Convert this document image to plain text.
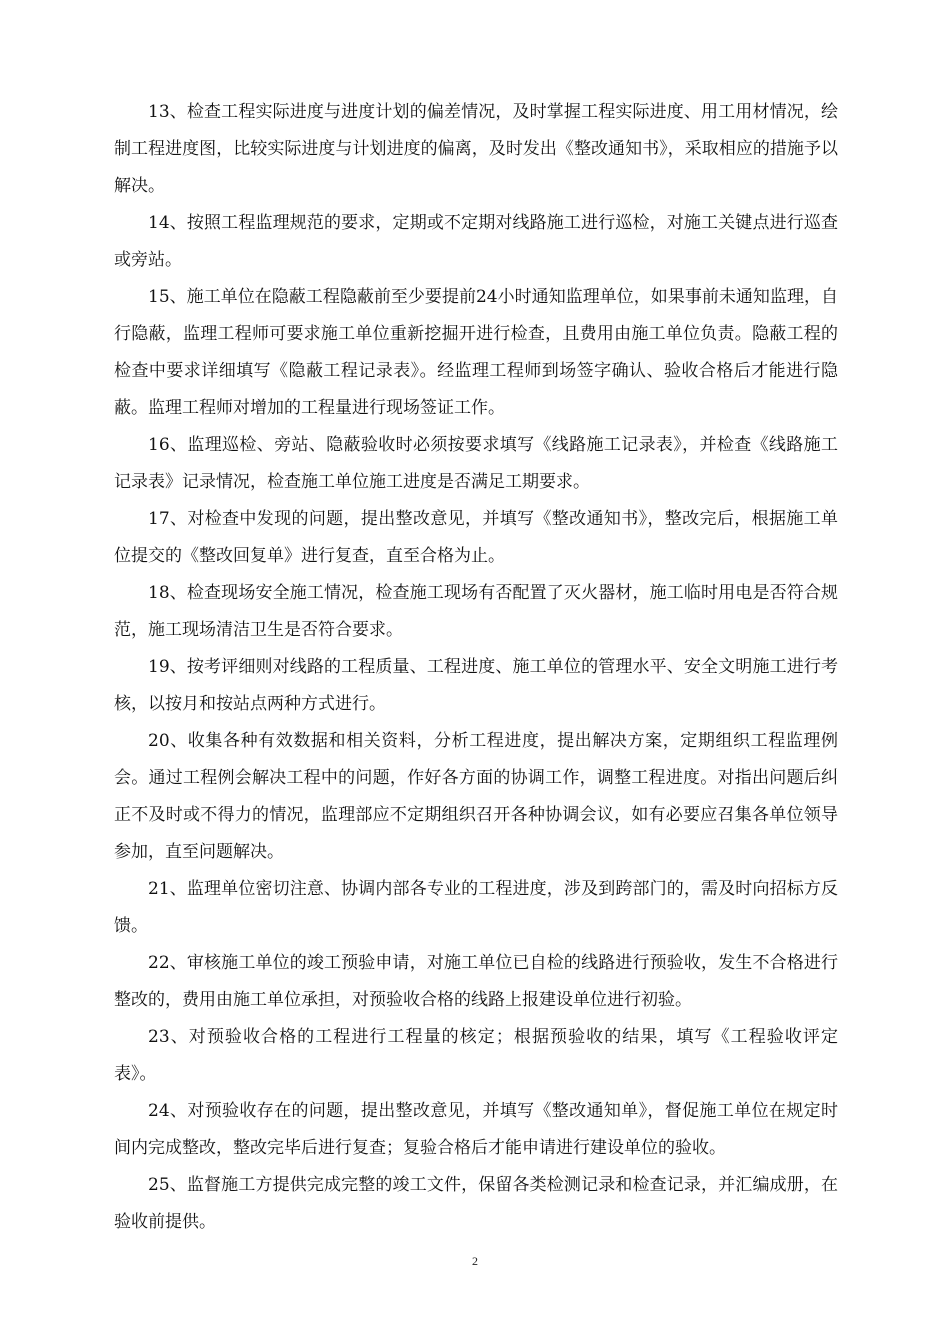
13、检查工程实际进度与进度计划的偏差情况，及时掌握工程实际进度、用工用材情况，绘制工程进度图，比较实际进度与计划进度的偏离，及时发出《整改通知书》，采取相应的措施予以解决。

14、按照工程监理规范的要求，定期或不定期对线路施工进行巡检，对施工关键点进行巡查或旁站。

15、施工单位在隐蔽工程隐蔽前至少要提前24小时通知监理单位，如果事前未通知监理，自行隐蔽，监理工程师可要求施工单位重新挖掘开进行检查，且费用由施工单位负责。隐蔽工程的检查中要求详细填写《隐蔽工程记录表》。经监理工程师到场签字确认、验收合格后才能进行隐蔽。监理工程师对增加的工程量进行现场签证工作。

16、监理巡检、旁站、隐蔽验收时必须按要求填写《线路施工记录表》，并检查《线路施工记录表》记录情况，检查施工单位施工进度是否满足工期要求。

17、对检查中发现的问题，提出整改意见，并填写《整改通知书》，整改完后，根据施工单位提交的《整改回复单》进行复查，直至合格为止。

18、检查现场安全施工情况，检查施工现场有否配置了灭火器材，施工临时用电是否符合规范，施工现场清洁卫生是否符合要求。

19、按考评细则对线路的工程质量、工程进度、施工单位的管理水平、安全文明施工进行考核，以按月和按站点两种方式进行。

20、收集各种有效数据和相关资料，分析工程进度，提出解决方案，定期组织工程监理例会。通过工程例会解决工程中的问题，作好各方面的协调工作，调整工程进度。对指出问题后纠正不及时或不得力的情况，监理部应不定期组织召开各种协调会议，如有必要应召集各单位领导参加，直至问题解决。

21、监理单位密切注意、协调内部各专业的工程进度，涉及到跨部门的，需及时向招标方反馈。

22、审核施工单位的竣工预验申请，对施工单位已自检的线路进行预验收，发生不合格进行整改的，费用由施工单位承担，对预验收合格的线路上报建设单位进行初验。

23、对预验收合格的工程进行工程量的核定；根据预验收的结果，填写《工程验收评定表》。

24、对预验收存在的问题，提出整改意见，并填写《整改通知单》，督促施工单位在规定时间内完成整改，整改完毕后进行复查；复验合格后才能申请进行建设单位的验收。

25、监督施工方提供完成完整的竣工文件，保留各类检测记录和检查记录，并汇编成册，在验收前提供。

2
